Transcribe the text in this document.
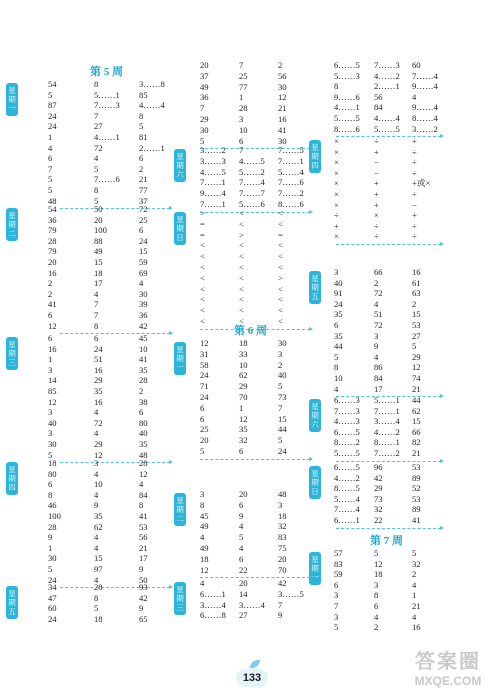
第 5 周
星
期
一
54	8	3……8
5	5……1 85
87	7……3 4……4
24	7	8
24	27	5
1	4……1 81
4	72	2……1
6	4	6
7	5	2
5	7……6 21
5	8	77
48	5	37
星
期
二
54	50	72
36	20	25
79	100	6
28	88	24
79	49	15
20	15	59
16	18	69
2	17	4
2	4	30
41	7	39
6	7	36
12	8	42
星
期
三
6	6	45
16	24	10
1	51	41
3	16	35
14	29	28
85	35	2
12	16	38
3	4	6
40	72	80
3	4	40
30	29	35
5	12	48
星
期
四
18	3	28
80	4	12
6	10	4
8	4	84
46	9	8
100	35	41
28	62	53
9	4	56
1	4	21
30	15	17
5	97	9
24	4	50
星
期
五
34	28	93
47	8	42
60	5	9
24	18	65
20	7	2
37	25	56
49	77	30
36	1	12
7	28	21
29	3	16
30	10	41
5	6	30
星
期
六
3……2 7	7……5
3……3 4……5 7……1
4……5 5……2 5……4
7……1 7……4 7……6
9……4 7……7 7……2
7……1 5……6 8……6
星
期
日
>	<	<
=	<	<
=	>	=
<	<	<
<	<	<
<	<	<
<	<	>
<	<	<
<	<	<
<	<	<
<	<	<
第 6 周
星
期
一
12	18	30
31	33	3
58	10	2
24	62	40
71	29	5
24	70	73
6	1	7
6	12	15
25	35	44
20	32	5
5	6	24
星
期
二
3	20	48
8	6	3
45	9	18
49	4	32
4	5	83
49	4	75
18	6	20
12	22	70
星
期
三
4	20	42
6……1 14	3……5
3……4 3……4 7
6……8 27	9
6……5 7……3 60
5……3 4……2 7……4
8	2……1 9……4
9……6 56	4
4……1 84	9……4
5……5 4……4 8……4
8……6 5……5 3……2
星
期
四
×	÷	+
×	+	÷
×	−	÷
×	−	÷
×	+	+或×
×	+	÷
×	+	−
÷	×	+
+	÷	÷
×	÷	÷
星
期
五
3	66	16
40	2	61
91	72	63
24	4	2
35	51	15
6	72	53
35	3	27
44	9	5
5	4	29
8	86	12
10	84	74
4	17	21
星
期
六
6……3 5……1 44
7……3 7……1 62
4……3 3……4 15
6……5 4……2 66
8……2 8……1 82
5……5 7……2 21
星
期
日
6……5 96	53
4……2 42	89
8……5 29	52
5……4 73	53
7……4 32	89
6……1 22	41
第 7 周
星
期
一
57	5	5
83	12	32
59	18	2
6	3	4
3	8	1
7	6	21
3	4	4
5	2	16
133
答案圈
MXQE.COM
